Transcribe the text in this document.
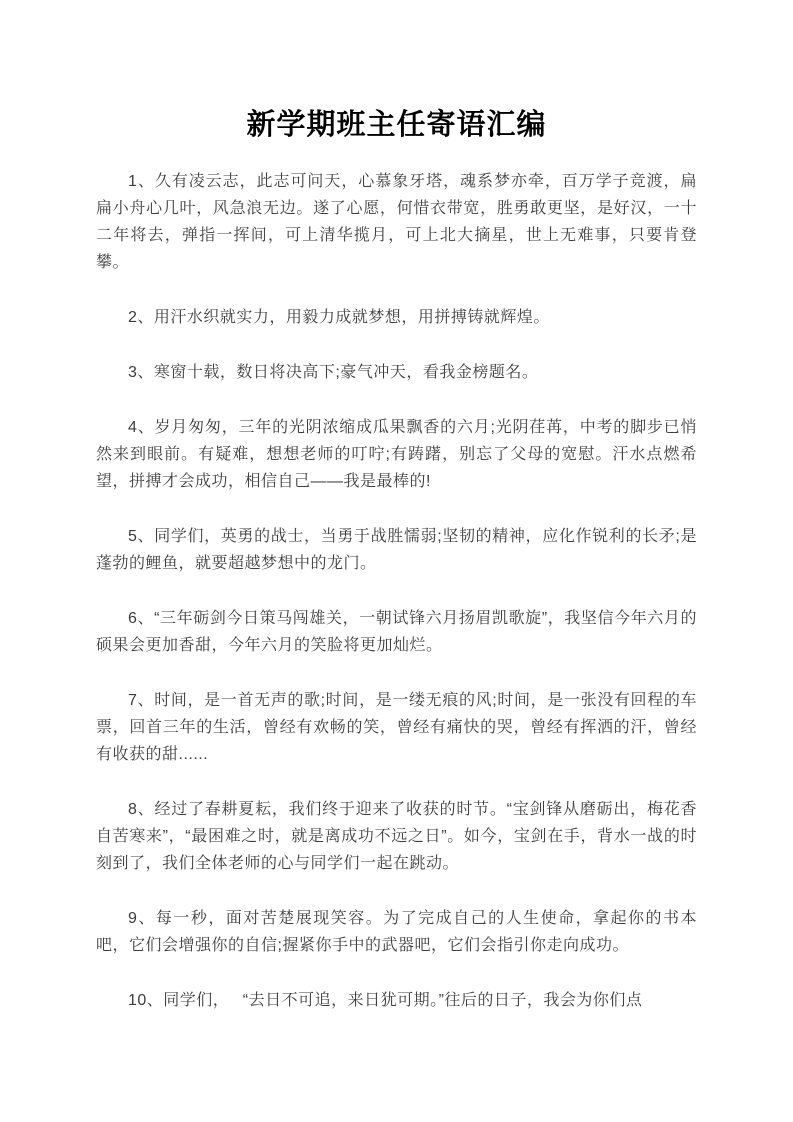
新学期班主任寄语汇编

1、久有凌云志，此志可问天，心慕象牙塔，魂系梦亦牵，百万学子竞渡，扁扁小舟心几叶，风急浪无边。遂了心愿，何惜衣带宽，胜勇敢更坚，是好汉，一十二年将去，弹指一挥间，可上清华揽月，可上北大摘星，世上无难事，只要肯登攀。

2、用汗水织就实力，用毅力成就梦想，用拼搏铸就辉煌。

3、寒窗十载，数日将决高下;豪气冲天，看我金榜题名。

4、岁月匆匆，三年的光阴浓缩成瓜果飘香的六月;光阴荏苒，中考的脚步已悄然来到眼前。有疑难，想想老师的叮咛;有踌躇，别忘了父母的宽慰。汗水点燃希望，拼搏才会成功，相信自己——我是最棒的!

5、同学们，英勇的战士，当勇于战胜懦弱;坚韧的精神，应化作锐利的长矛;是蓬勃的鲤鱼，就要超越梦想中的龙门。

6、“三年砺剑今日策马闯雄关，一朝试锋六月扬眉凯歌旋”，我坚信今年六月的硕果会更加香甜，今年六月的笑脸将更加灿烂。

7、时间，是一首无声的歌;时间，是一缕无痕的风;时间，是一张没有回程的车票，回首三年的生活，曾经有欢畅的笑，曾经有痛快的哭，曾经有挥洒的汗，曾经有收获的甜......

8、经过了春耕夏耘，我们终于迎来了收获的时节。“宝剑锋从磨砺出，梅花香自苦寒来”，“最困难之时，就是离成功不远之日”。如今，宝剑在手，背水一战的时刻到了，我们全体老师的心与同学们一起在跳动。

9、每一秒，面对苦楚展现笑容。为了完成自己的人生使命，拿起你的书本吧，它们会增强你的自信;握紧你手中的武器吧，它们会指引你走向成功。

10、同学们，　 “去日不可追，来日犹可期。”往后的日子，我会为你们点
